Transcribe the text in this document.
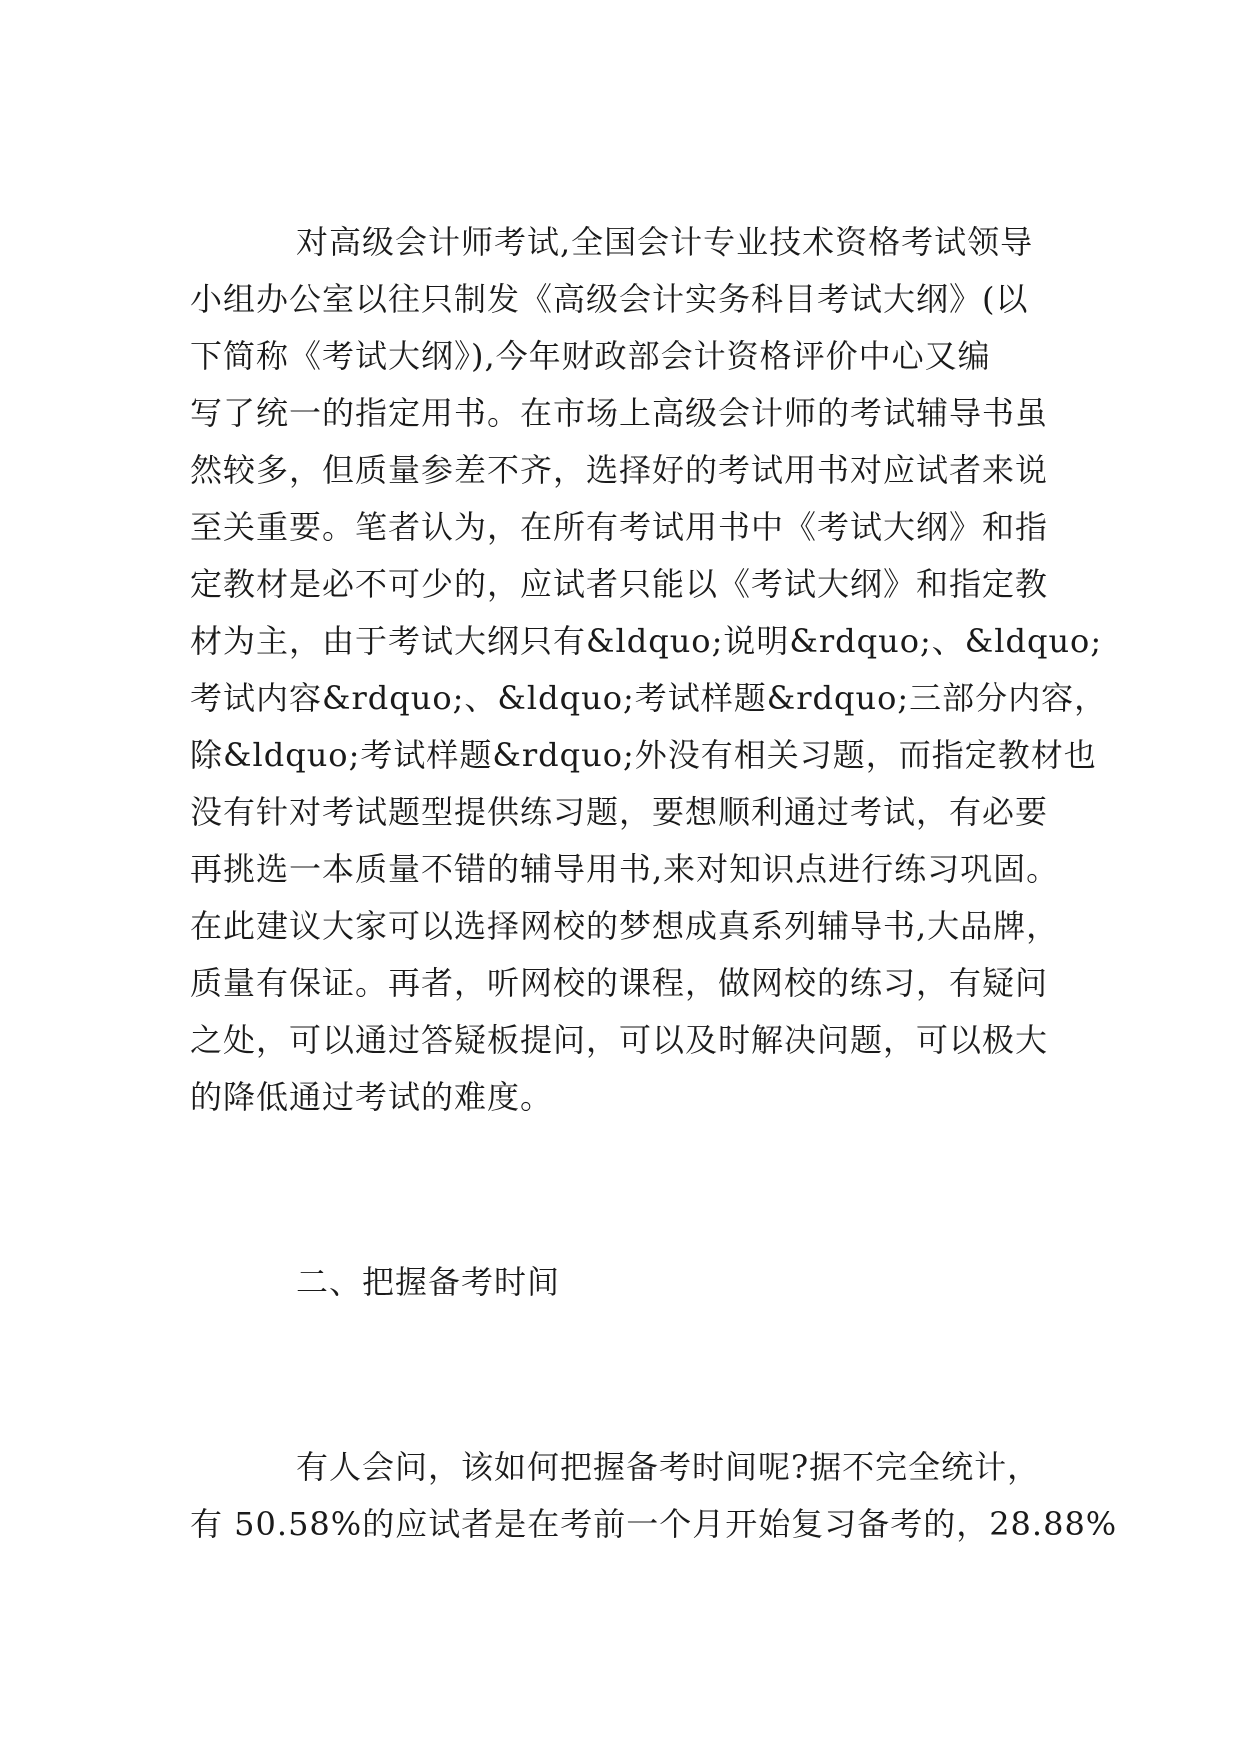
对高级会计师考试,全国会计专业技术资格考试领导
小组办公室以往只制发《高级会计实务科目考试大纲》(以
下简称《考试大纲》),今年财政部会计资格评价中心又编
写了统一的指定用书。在市场上高级会计师的考试辅导书虽
然较多，但质量参差不齐，选择好的考试用书对应试者来说
至关重要。笔者认为，在所有考试用书中《考试大纲》和指
定教材是必不可少的，应试者只能以《考试大纲》和指定教
材为主，由于考试大纲只有&ldquo;说明&rdquo;、&ldquo;
考试内容&rdquo;、&ldquo;考试样题&rdquo;三部分内容，
除&ldquo;考试样题&rdquo;外没有相关习题，而指定教材也
没有针对考试题型提供练习题，要想顺利通过考试，有必要
再挑选一本质量不错的辅导用书,来对知识点进行练习巩固。
在此建议大家可以选择网校的梦想成真系列辅导书,大品牌，
质量有保证。再者，听网校的课程，做网校的练习，有疑问
之处，可以通过答疑板提问，可以及时解决问题，可以极大
的降低通过考试的难度。
二、把握备考时间
有人会问，该如何把握备考时间呢?据不完全统计，
有 50.58%的应试者是在考前一个月开始复习备考的，28.88%
